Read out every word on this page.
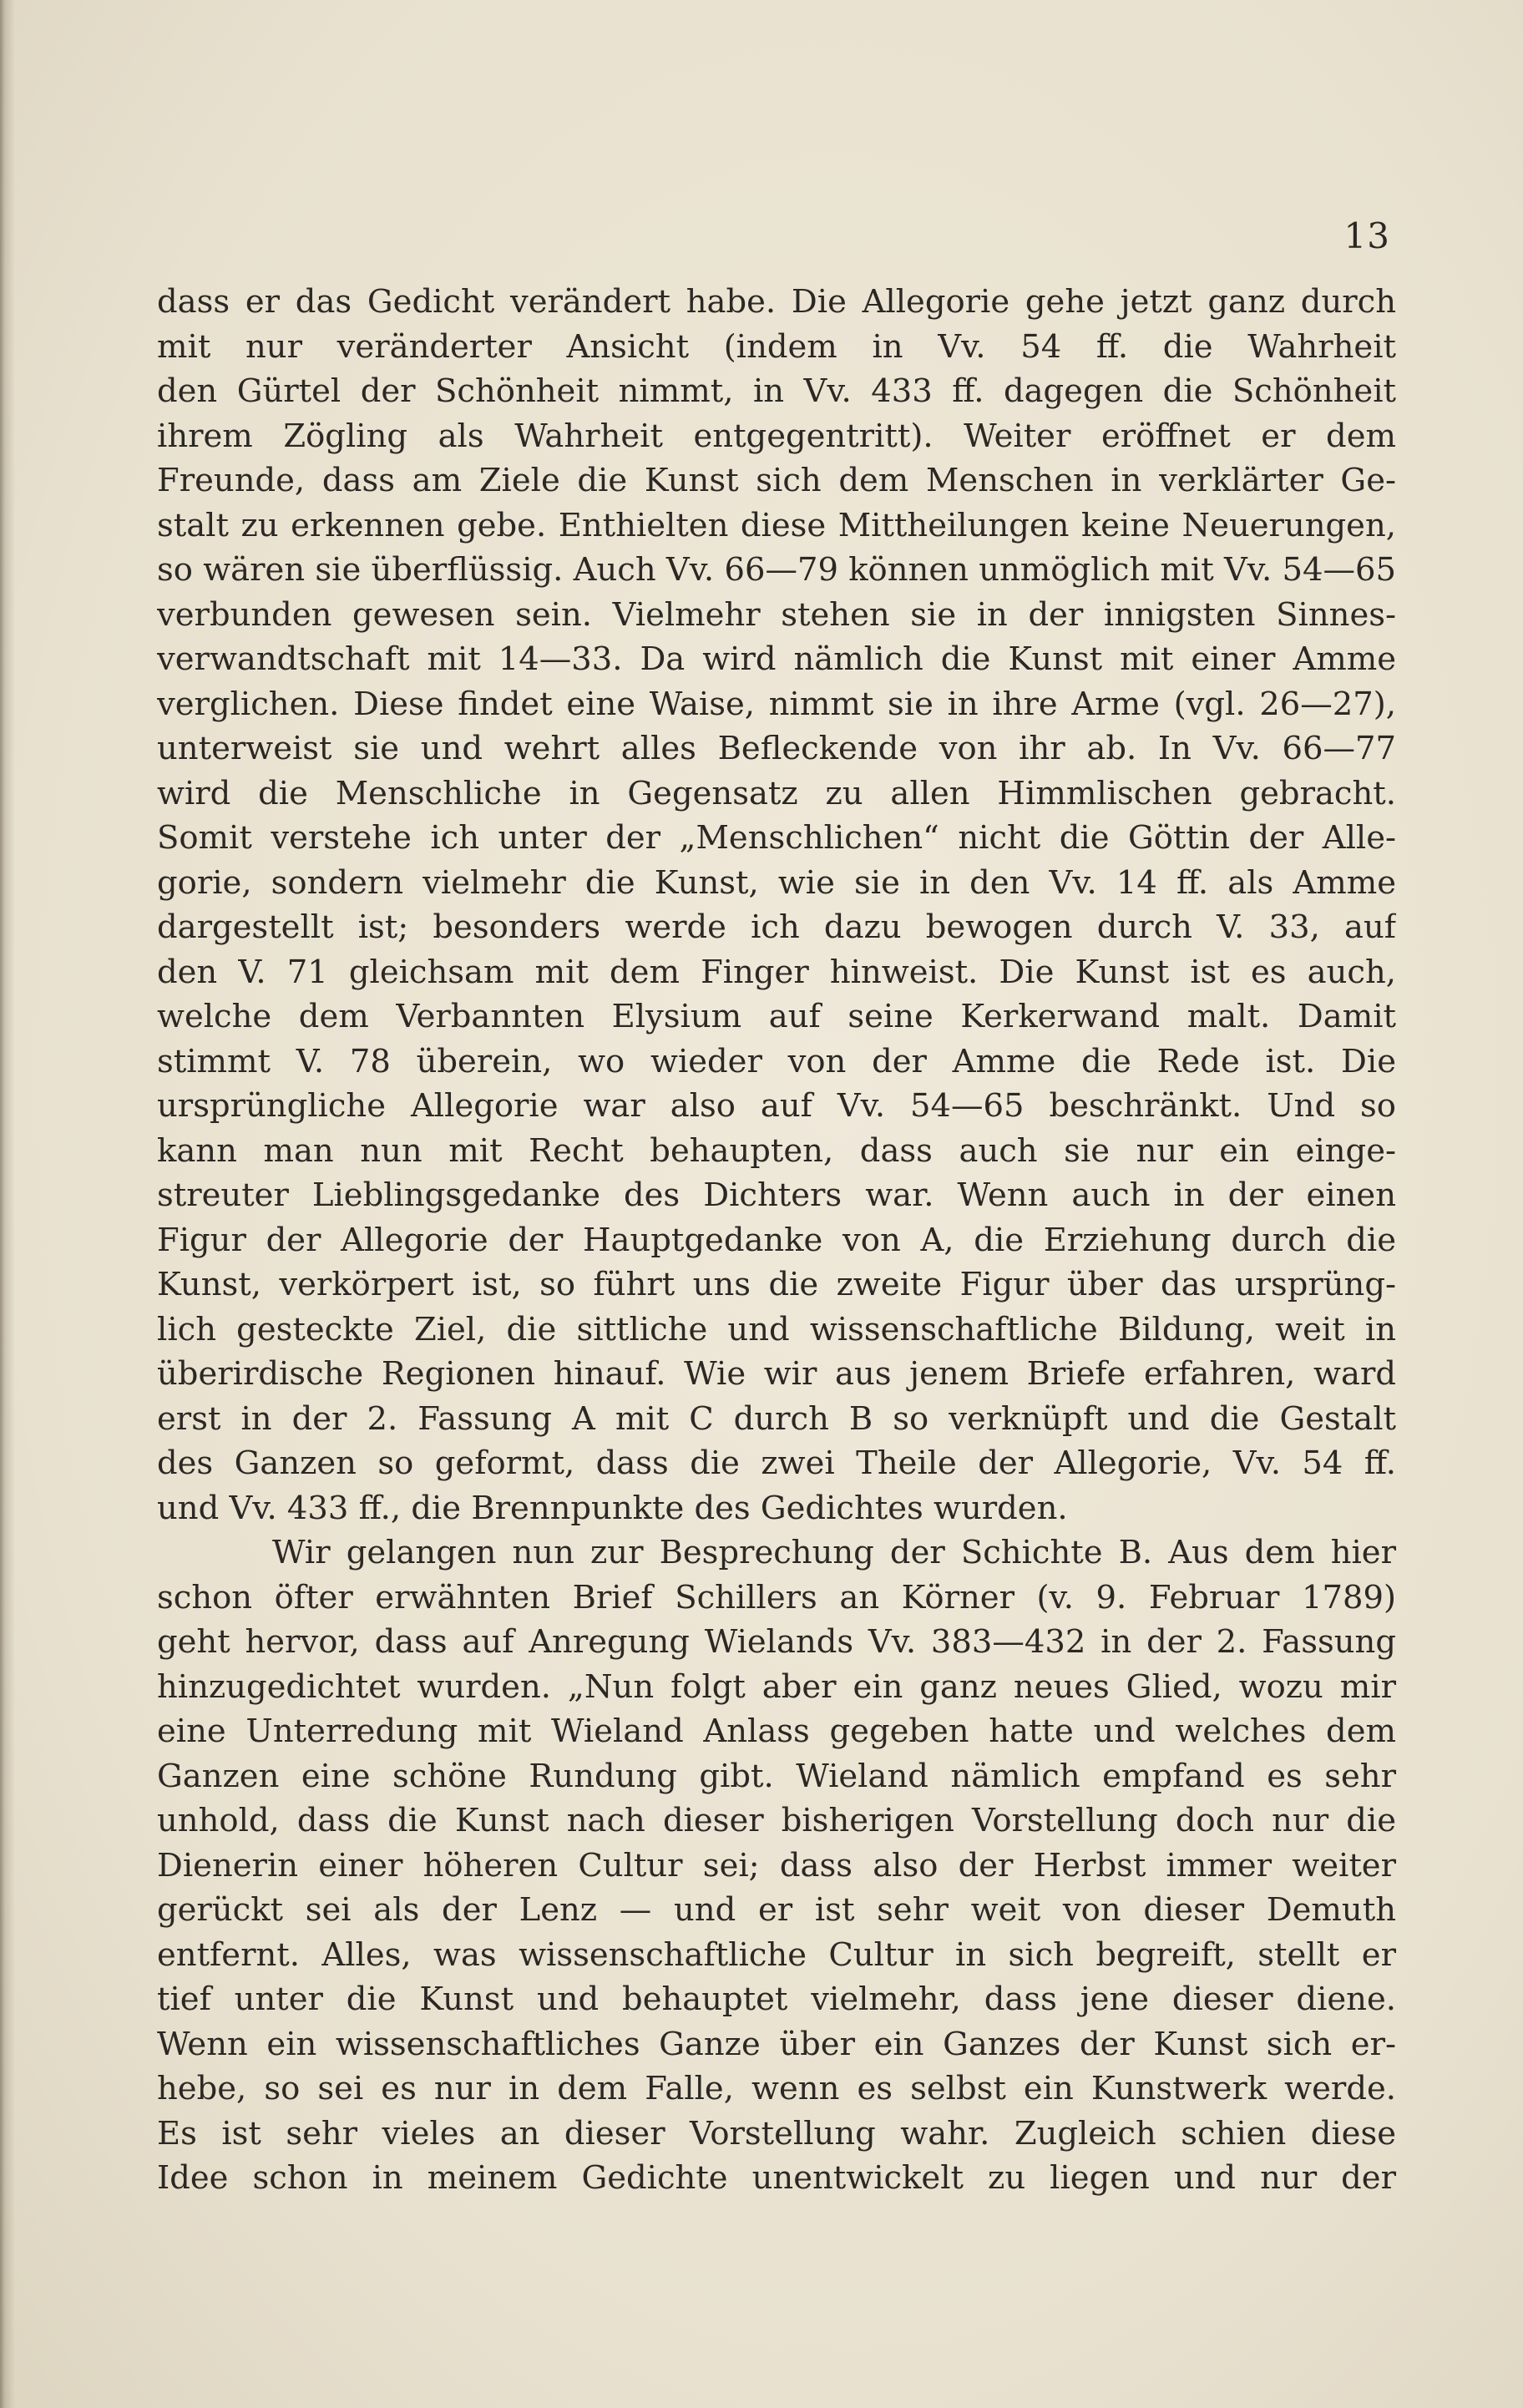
13
dass er das Gedicht verändert habe. Die Allegorie gehe jetzt ganz durch
mit nur veränderter Ansicht (indem in Vv. 54 ff. die Wahrheit
den Gürtel der Schönheit nimmt, in Vv. 433 ff. dagegen die Schönheit
ihrem Zögling als Wahrheit entgegentritt). Weiter eröffnet er dem
Freunde, dass am Ziele die Kunst sich dem Menschen in verklärter Ge-
stalt zu erkennen gebe. Enthielten diese Mittheilungen keine Neuerungen,
so wären sie überflüssig. Auch Vv. 66—79 können unmöglich mit Vv. 54—65
verbunden gewesen sein. Vielmehr stehen sie in der innigsten Sinnes-
verwandtschaft mit 14—33. Da wird nämlich die Kunst mit einer Amme
verglichen. Diese findet eine Waise, nimmt sie in ihre Arme (vgl. 26—27),
unterweist sie und wehrt alles Befleckende von ihr ab. In Vv. 66—77
wird die Menschliche in Gegensatz zu allen Himmlischen gebracht.
Somit verstehe ich unter der „Menschlichen“ nicht die Göttin der Alle-
gorie, sondern vielmehr die Kunst, wie sie in den Vv. 14 ff. als Amme
dargestellt ist; besonders werde ich dazu bewogen durch V. 33, auf
den V. 71 gleichsam mit dem Finger hinweist. Die Kunst ist es auch,
welche dem Verbannten Elysium auf seine Kerkerwand malt. Damit
stimmt V. 78 überein, wo wieder von der Amme die Rede ist. Die
ursprüngliche Allegorie war also auf Vv. 54—65 beschränkt. Und so
kann man nun mit Recht behaupten, dass auch sie nur ein einge-
streuter Lieblingsgedanke des Dichters war. Wenn auch in der einen
Figur der Allegorie der Hauptgedanke von A, die Erziehung durch die
Kunst, verkörpert ist, so führt uns die zweite Figur über das ursprüng-
lich gesteckte Ziel, die sittliche und wissenschaftliche Bildung, weit in
überirdische Regionen hinauf. Wie wir aus jenem Briefe erfahren, ward
erst in der 2. Fassung A mit C durch B so verknüpft und die Gestalt
des Ganzen so geformt, dass die zwei Theile der Allegorie, Vv. 54 ff.
und Vv. 433 ff., die Brennpunkte des Gedichtes wurden.
Wir gelangen nun zur Besprechung der Schichte B. Aus dem hier
schon öfter erwähnten Brief Schillers an Körner (v. 9. Februar 1789)
geht hervor, dass auf Anregung Wielands Vv. 383—432 in der 2. Fassung
hinzugedichtet wurden. „Nun folgt aber ein ganz neues Glied, wozu mir
eine Unterredung mit Wieland Anlass gegeben hatte und welches dem
Ganzen eine schöne Rundung gibt. Wieland nämlich empfand es sehr
unhold, dass die Kunst nach dieser bisherigen Vorstellung doch nur die
Dienerin einer höheren Cultur sei; dass also der Herbst immer weiter
gerückt sei als der Lenz — und er ist sehr weit von dieser Demuth
entfernt. Alles, was wissenschaftliche Cultur in sich begreift, stellt er
tief unter die Kunst und behauptet vielmehr, dass jene dieser diene.
Wenn ein wissenschaftliches Ganze über ein Ganzes der Kunst sich er-
hebe, so sei es nur in dem Falle, wenn es selbst ein Kunstwerk werde.
Es ist sehr vieles an dieser Vorstellung wahr. Zugleich schien diese
Idee schon in meinem Gedichte unentwickelt zu liegen und nur der
